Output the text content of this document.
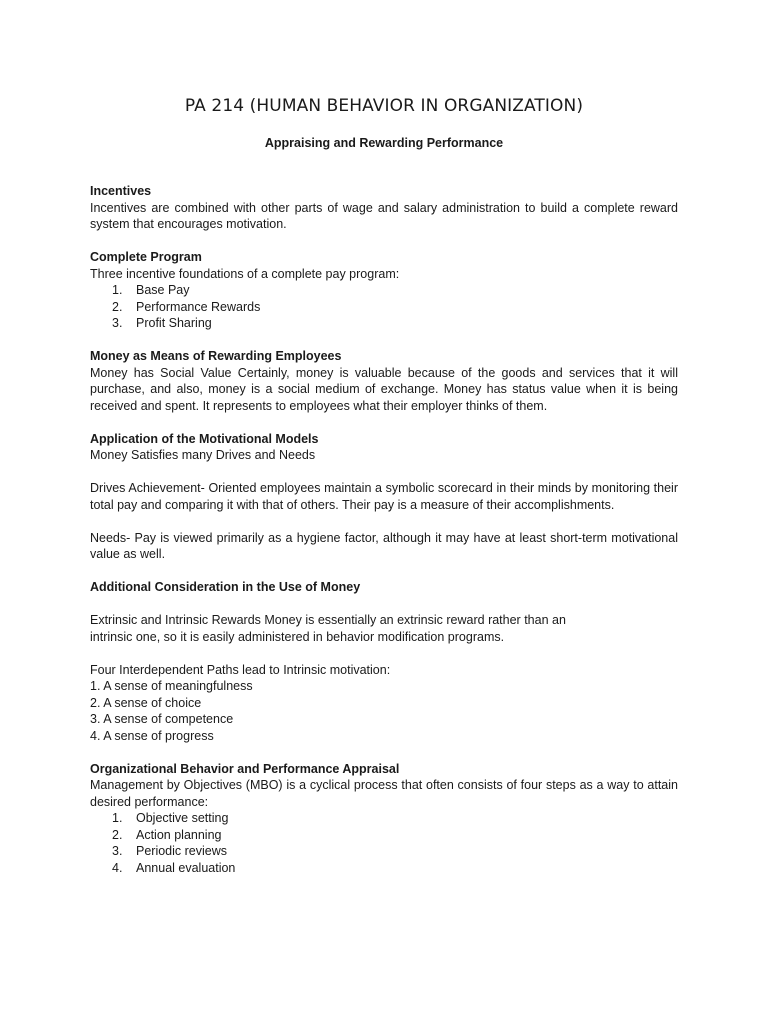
PA 214 (HUMAN BEHAVIOR IN ORGANIZATION)
Appraising and Rewarding Performance

Incentives

Incentives are combined with other parts of wage and salary administration to build a complete reward system that encourages motivation.

Complete Program

Three incentive foundations of a complete pay program:

1. Base Pay
2. Performance Rewards
3. Profit Sharing

Money as Means of Rewarding Employees

Money has Social Value Certainly, money is valuable because of the goods and services that it will purchase, and also, money is a social medium of exchange. Money has status value when it is being received and spent. It represents to employees what their employer thinks of them.

Application of the Motivational Models

Money Satisfies many Drives and Needs

Drives Achievement- Oriented employees maintain a symbolic scorecard in their minds by monitoring their total pay and comparing it with that of others. Their pay is a measure of their accomplishments.

Needs- Pay is viewed primarily as a hygiene factor, although it may have at least short-term motivational value as well.

Additional Consideration in the Use of Money

Extrinsic and Intrinsic Rewards Money is essentially an extrinsic reward rather than an

intrinsic one, so it is easily administered in behavior modification programs.

Four Interdependent Paths lead to Intrinsic motivation:

1. A sense of meaningfulness

2. A sense of choice

3. A sense of competence

4. A sense of progress

Organizational Behavior and Performance Appraisal

Management by Objectives (MBO) is a cyclical process that often consists of four steps as a way to attain desired performance:

1. Objective setting
2. Action planning
3. Periodic reviews
4. Annual evaluation
